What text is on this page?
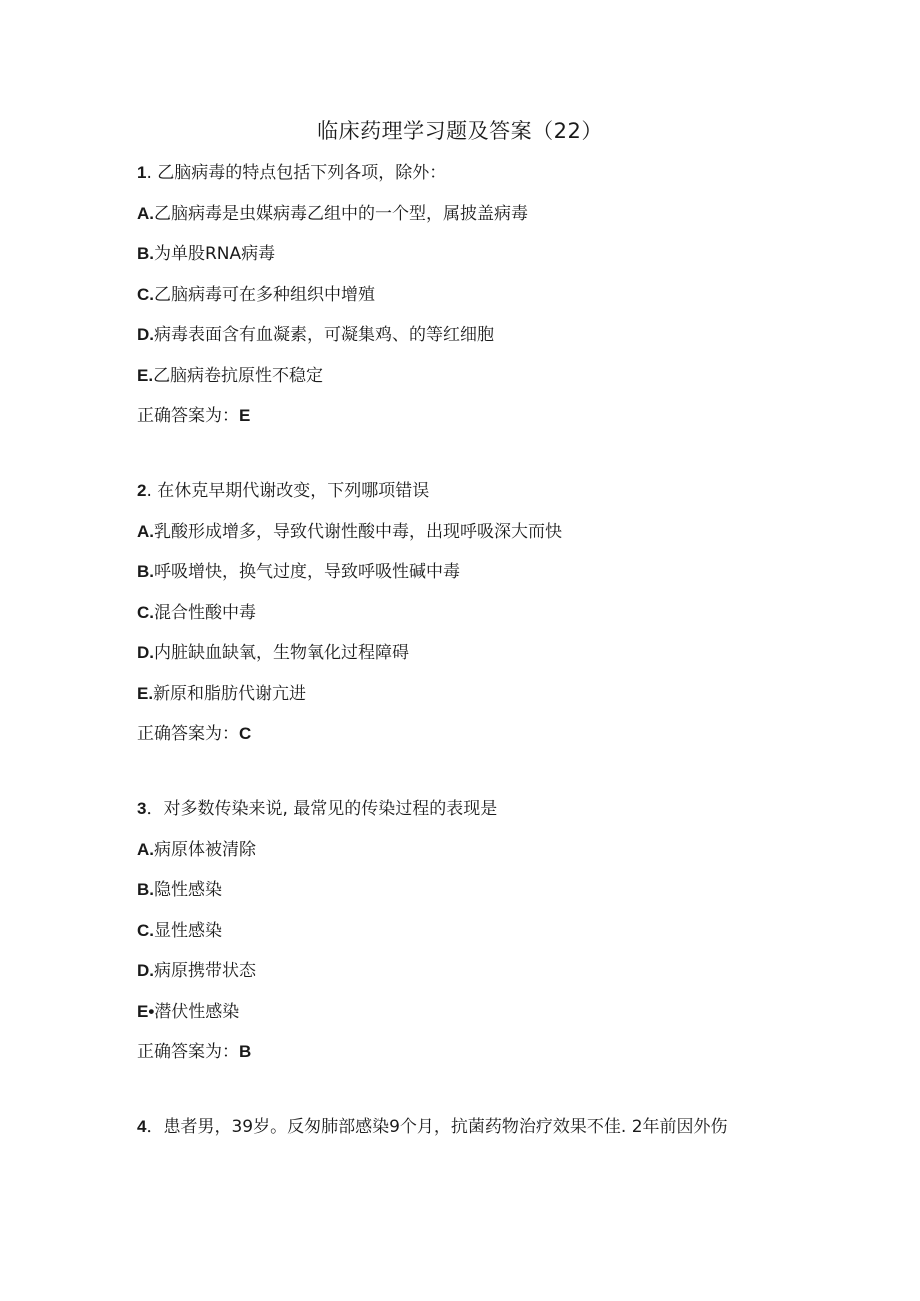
临床药理学习题及答案（22）
1. 乙脑病毒的特点包括下列各项，除外：
A.乙脑病毒是虫媒病毒乙组中的一个型，属披盖病毒
B.为单股RNA病毒
C.乙脑病毒可在多种组织中增殖
D.病毒表面含有血凝素，可凝集鸡、的等红细胞
E.乙脑病卷抗原性不稳定
正确答案为：E
2. 在休克早期代谢改变，下列哪项错误
A.乳酸形成增多，导致代谢性酸中毒，出现呼吸深大而快
B.呼吸增快，换气过度，导致呼吸性碱中毒
C.混合性酸中毒
D.内脏缺血缺氧，生物氧化过程障碍
E.新原和脂肪代谢亢进
正确答案为：C
3．对多数传染来说, 最常见的传染过程的表现是
A.病原体被清除
B.隐性感染
C.显性感染
D.病原携带状态
E•潜伏性感染
正确答案为：B
4．患者男，39岁。反匆肺部感染9个月，抗菌药物治疗效果不佳. 2年前因外伤
